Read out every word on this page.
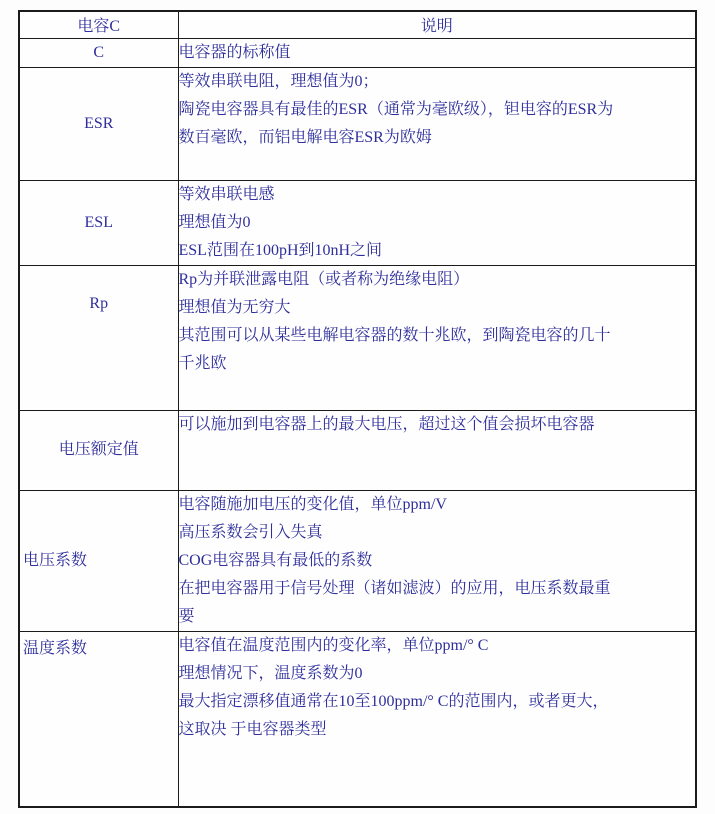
电容C	说明
C	电容器的标称值

ESR	等效串联电阻，理想值为0；
陶瓷电容器具有最佳的ESR（通常为毫欧级），钽电容的ESR为
数百毫欧，而铝电解电容ESR为欧姆

ESL	等效串联电感
理想值为0
ESL范围在100pH到10nH之间

Rp	Rp为并联泄露电阻（或者称为绝缘电阻）
理想值为无穷大
其范围可以从某些电解电容器的数十兆欧，到陶瓷电容的几十
千兆欧

电压额定值	可以施加到电容器上的最大电压，超过这个值会损坏电容器

电压系数	电容随施加电压的变化值，单位ppm/V
高压系数会引入失真
COG电容器具有最低的系数
在把电容器用于信号处理（诸如滤波）的应用，电压系数最重
要

温度系数	电容值在温度范围内的变化率，单位ppm/° C
理想情况下，温度系数为0
最大指定漂移值通常在10至100ppm/° C的范围内，或者更大，
这取决 于电容器类型
